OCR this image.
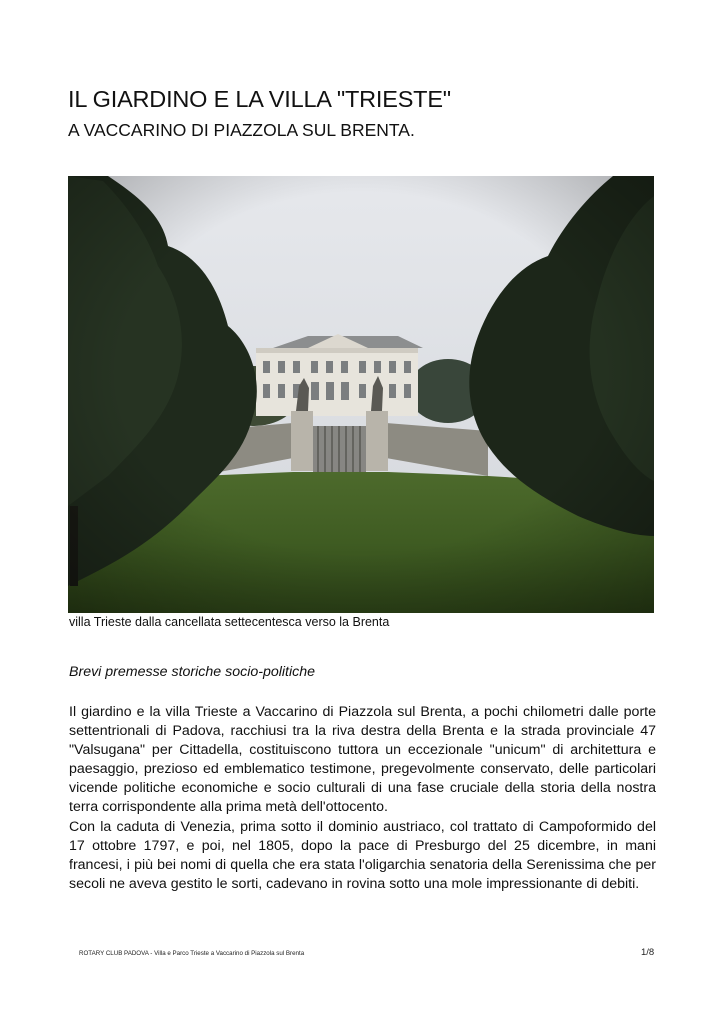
IL GIARDINO E LA VILLA "TRIESTE"
A VACCARINO DI PIAZZOLA SUL BRENTA.
villa Trieste dalla cancellata settecentesca verso la Brenta
Brevi premesse storiche socio-politiche

Il giardino e la villa Trieste a Vaccarino di Piazzola sul Brenta, a pochi chilometri dalle porte settentrionali di Padova, racchiusi tra la riva destra della Brenta e la strada provinciale 47 "Valsugana" per Cittadella, costituiscono tuttora un eccezionale "unicum" di architettura e paesaggio, prezioso ed emblematico testimone, pregevolmente conservato, delle particolari vicende politiche economiche e socio culturali di una fase cruciale della storia della nostra terra corrispondente alla prima metà dell'ottocento.

Con la caduta di Venezia, prima sotto il dominio austriaco, col trattato di Campoformido del 17 ottobre 1797, e poi, nel 1805, dopo la pace di Presburgo del 25 dicembre, in mani francesi, i più bei nomi di quella che era stata l'oligarchia senatoria della Serenissima che per secoli ne aveva gestito le sorti, cadevano in rovina sotto una mole impressionante di debiti.

ROTARY CLUB PADOVA - Villa e Parco Trieste a Vaccarino di Piazzola sul Brenta	1/8
